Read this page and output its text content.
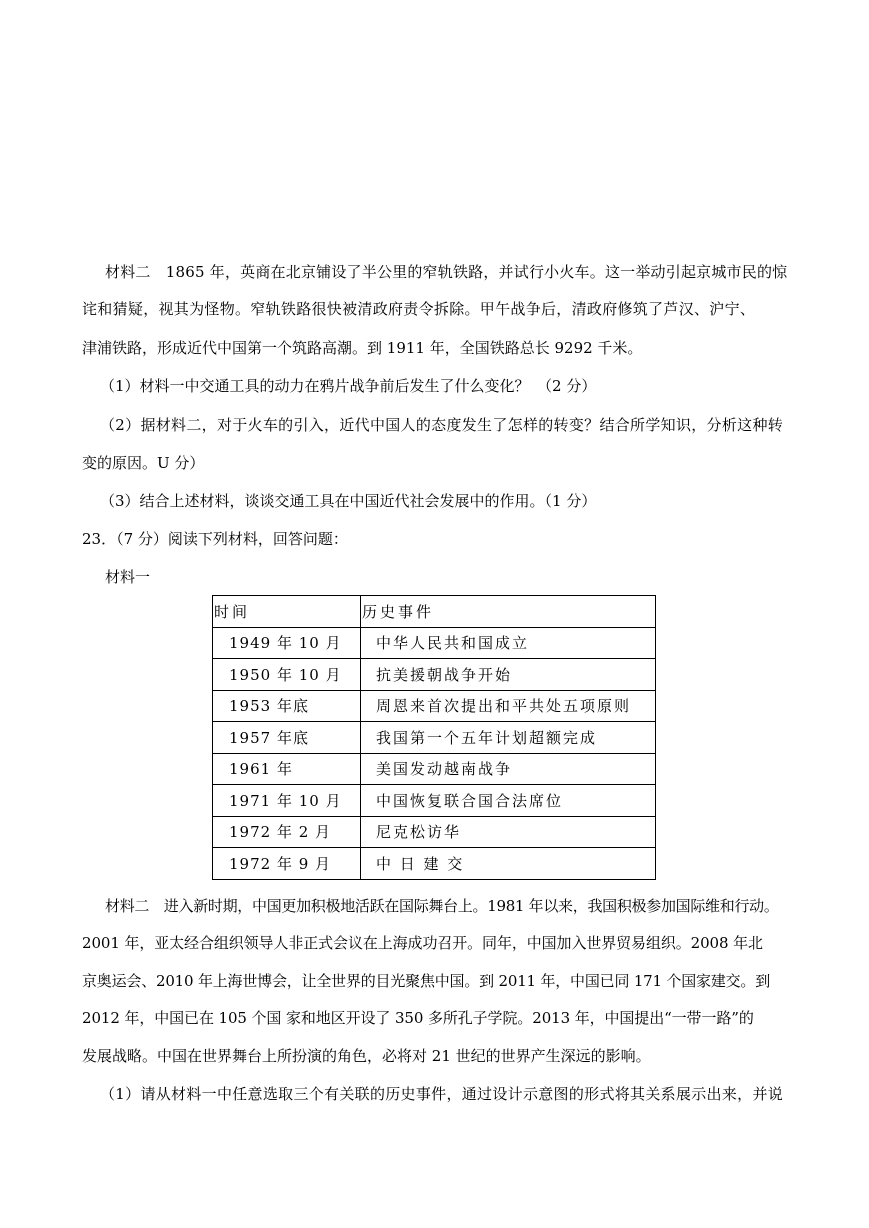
材料二　1865 年，英商在北京铺设了半公里的窄轨铁路，并试行小火车。这一举动引起京城市民的惊
诧和猜疑，视其为怪物。窄轨铁路很快被清政府责令拆除。甲午战争后，清政府修筑了芦汉、沪宁、
津浦铁路，形成近代中国第一个筑路高潮。到 1911 年，全国铁路总长 9292 千米。
（1）材料一中交通工具的动力在鸦片战争前后发生了什么变化？　（2 分）
（2）据材料二，对于火车的引入，近代中国人的态度发生了怎样的转变？结合所学知识，分析这种转
变的原因。U 分）
（3）结合上述材料，谈谈交通工具在中国近代社会发展中的作用。（1 分）
23．（7 分）阅读下列材料，回答问题：
材料一
时间	历史事件
1949 年 10 月	中华人民共和国成立
1950 年 10 月	抗美援朝战争开始
1953 年底	周恩来首次提出和平共处五项原则
1957 年底	我国第一个五年计划超额完成
1961 年	美国发动越南战争
1971 年 10 月	中国恢复联合国合法席位
1972 年 2 月	尼克松访华
1972 年 9 月	中 日 建 交
材料二　进入新时期，中国更加积极地活跃在国际舞台上。1981 年以来，我国积极参加国际维和行动。
2001 年，亚太经合组织领导人非正式会议在上海成功召开。同年，中国加入世界贸易组织。2008 年北
京奥运会、2010 年上海世博会，让全世界的目光聚焦中国。到 2011 年，中国已同 171 个国家建交。到
2012 年，中国已在 105 个国 家和地区开设了 350 多所孔子学院。2013 年，中国提出“一带一路”的
发展战略。中国在世界舞台上所扮演的角色，必将对 21 世纪的世界产生深远的影响。
（1）请从材料一中任意选取三个有关联的历史事件，通过设计示意图的形式将其关系展示出来，并说
